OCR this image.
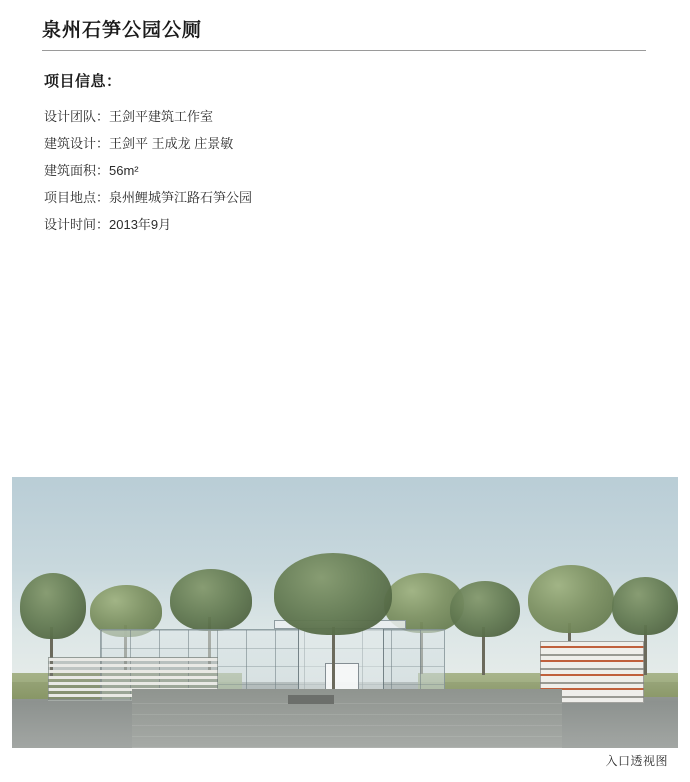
泉州石笋公园公厕
项目信息：
设计团队：王剑平建筑工作室
建筑设计：王剑平 王成龙 庄景敏
建筑面积：56m²
项目地点：泉州鲤城笋江路石笋公园
设计时间：2013年9月
入口透视图
